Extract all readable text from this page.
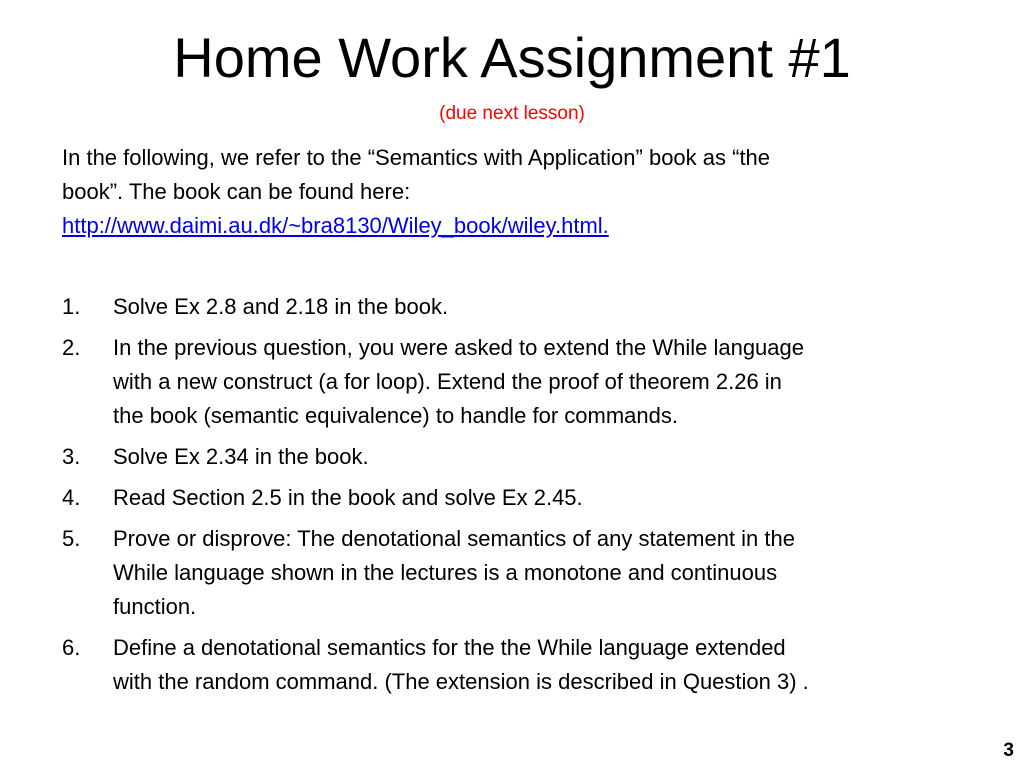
Home Work Assignment #1
(due next lesson)
In the following, we refer to the “Semantics with Application” book as “the
book”. The book can be found here:
http://www.daimi.au.dk/~bra8130/Wiley_book/wiley.html.
1. Solve Ex 2.8 and 2.18 in the book.
2. In the previous question, you were asked to extend the While language
with a new construct (a for loop). Extend the proof of theorem 2.26 in
the book (semantic equivalence) to handle for commands.
3. Solve Ex 2.34 in the book.
4. Read Section 2.5 in the book and solve Ex 2.45.
5. Prove or disprove: The denotational semantics of any statement in the
While language shown in the lectures is a monotone and continuous
function.
6. Define a denotational semantics for the the While language extended
with the random command. (The extension is described in Question 3) .
3
